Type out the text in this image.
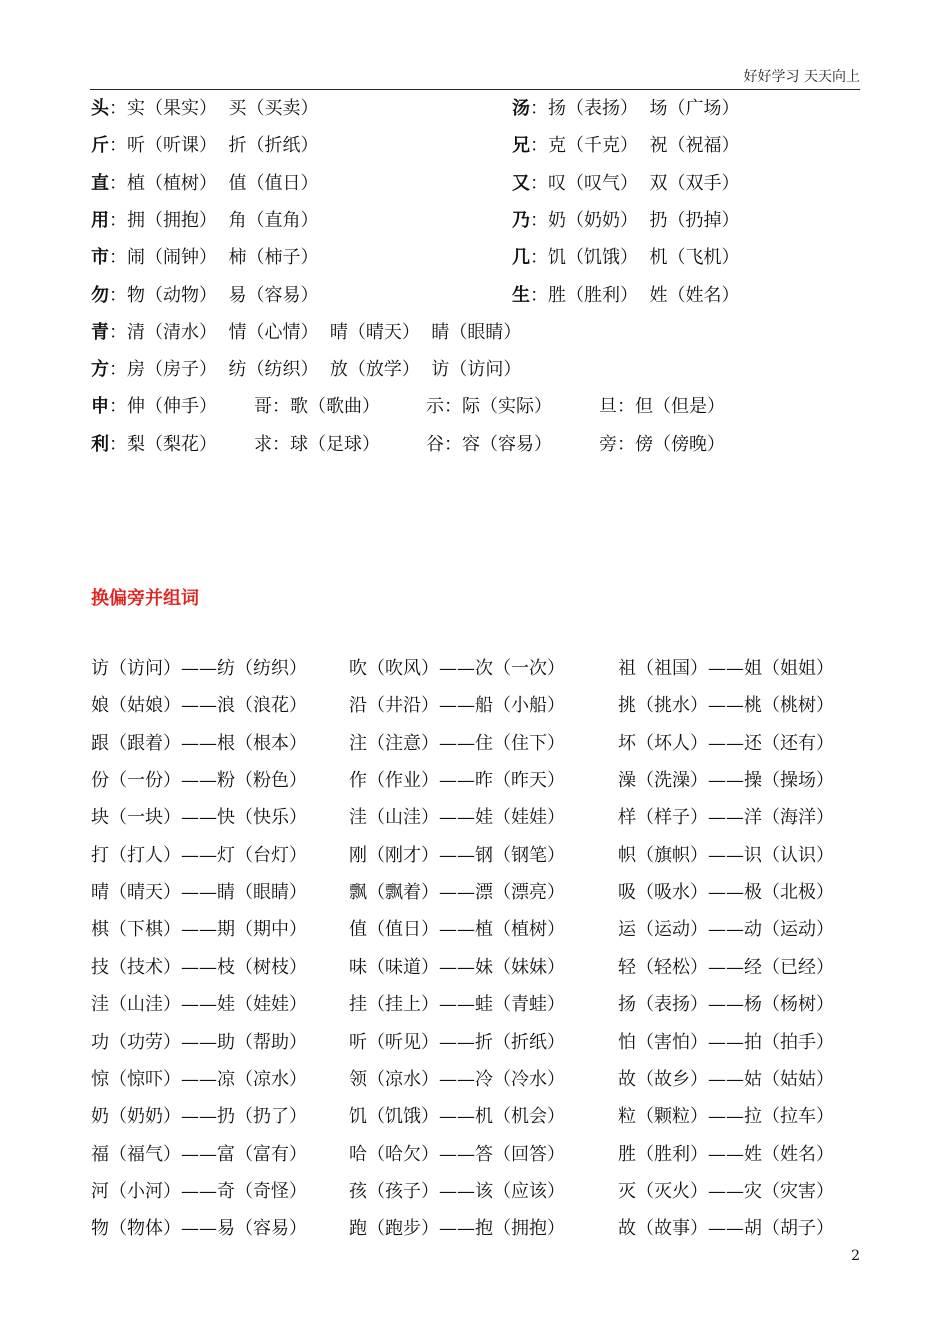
好好学习 天天向上
头：实（果实）  买（买卖）	汤：扬（表扬）  场（广场）
斤：听（听课）  折（折纸）	兄：克（千克）  祝（祝福）
直：植（植树）  值（值日）	又：叹（叹气）  双（双手）
用：拥（拥抱）  角（直角）	乃：奶（奶奶）  扔（扔掉）
市：闹（闹钟）  柿（柿子）	几：饥（饥饿）  机（飞机）
勿：物（动物）  易（容易）	生：胜（胜利）  姓（姓名）
青：清（清水）  情（心情）  晴（晴天）  睛（眼睛）
方：房（房子）  纺（纺织）  放（放学）  访（访问）
申：伸（伸手） 哥：歌（歌曲）	示：际（实际）	旦：但（但是）
利：梨（梨花） 求：球（足球）	谷：容（容易）	旁：傍（傍晚）
换偏旁并组词
访（访问）——纺（纺织） 吹（吹风）——次（一次）	祖（祖国）——姐（姐姐）
娘（姑娘）——浪（浪花） 沿（井沿）——船（小船）	挑（挑水）——桃（桃树）
跟（跟着）——根（根本） 注（注意）——住（住下）	坏（坏人）——还（还有）
份（一份）——粉（粉色） 作（作业）——昨（昨天）	澡（洗澡）——操（操场）
块（一块）——快（快乐） 洼（山洼）——娃（娃娃）	样（样子）——洋（海洋）
打（打人）——灯（台灯） 刚（刚才）——钢（钢笔）	帜（旗帜）——识（认识）
晴（晴天）——睛（眼睛） 飘（飘着）——漂（漂亮）	吸（吸水）——极（北极）
棋（下棋）——期（期中） 值（值日）——植（植树）	运（运动）——动（运动）
技（技术）——枝（树枝） 味（味道）——妹（妹妹）	轻（轻松）——经（已经）
洼（山洼）——娃（娃娃） 挂（挂上）——蛙（青蛙）	扬（表扬）——杨（杨树）
功（功劳）——助（帮助） 听（听见）——折（折纸）	怕（害怕）——拍（拍手）
惊（惊吓）——凉（凉水） 领（凉水）——冷（冷水）	故（故乡）——姑（姑姑）
奶（奶奶）——扔（扔了） 饥（饥饿）——机（机会）	粒（颗粒）——拉（拉车）
福（福气）——富（富有） 哈（哈欠）——答（回答）	胜（胜利）——姓（姓名）
河（小河）——奇（奇怪） 孩（孩子）——该（应该）	灭（灭火）——灾（灾害）
物（物体）——易（容易） 跑（跑步）——抱（拥抱）	故（故事）——胡（胡子）
2
